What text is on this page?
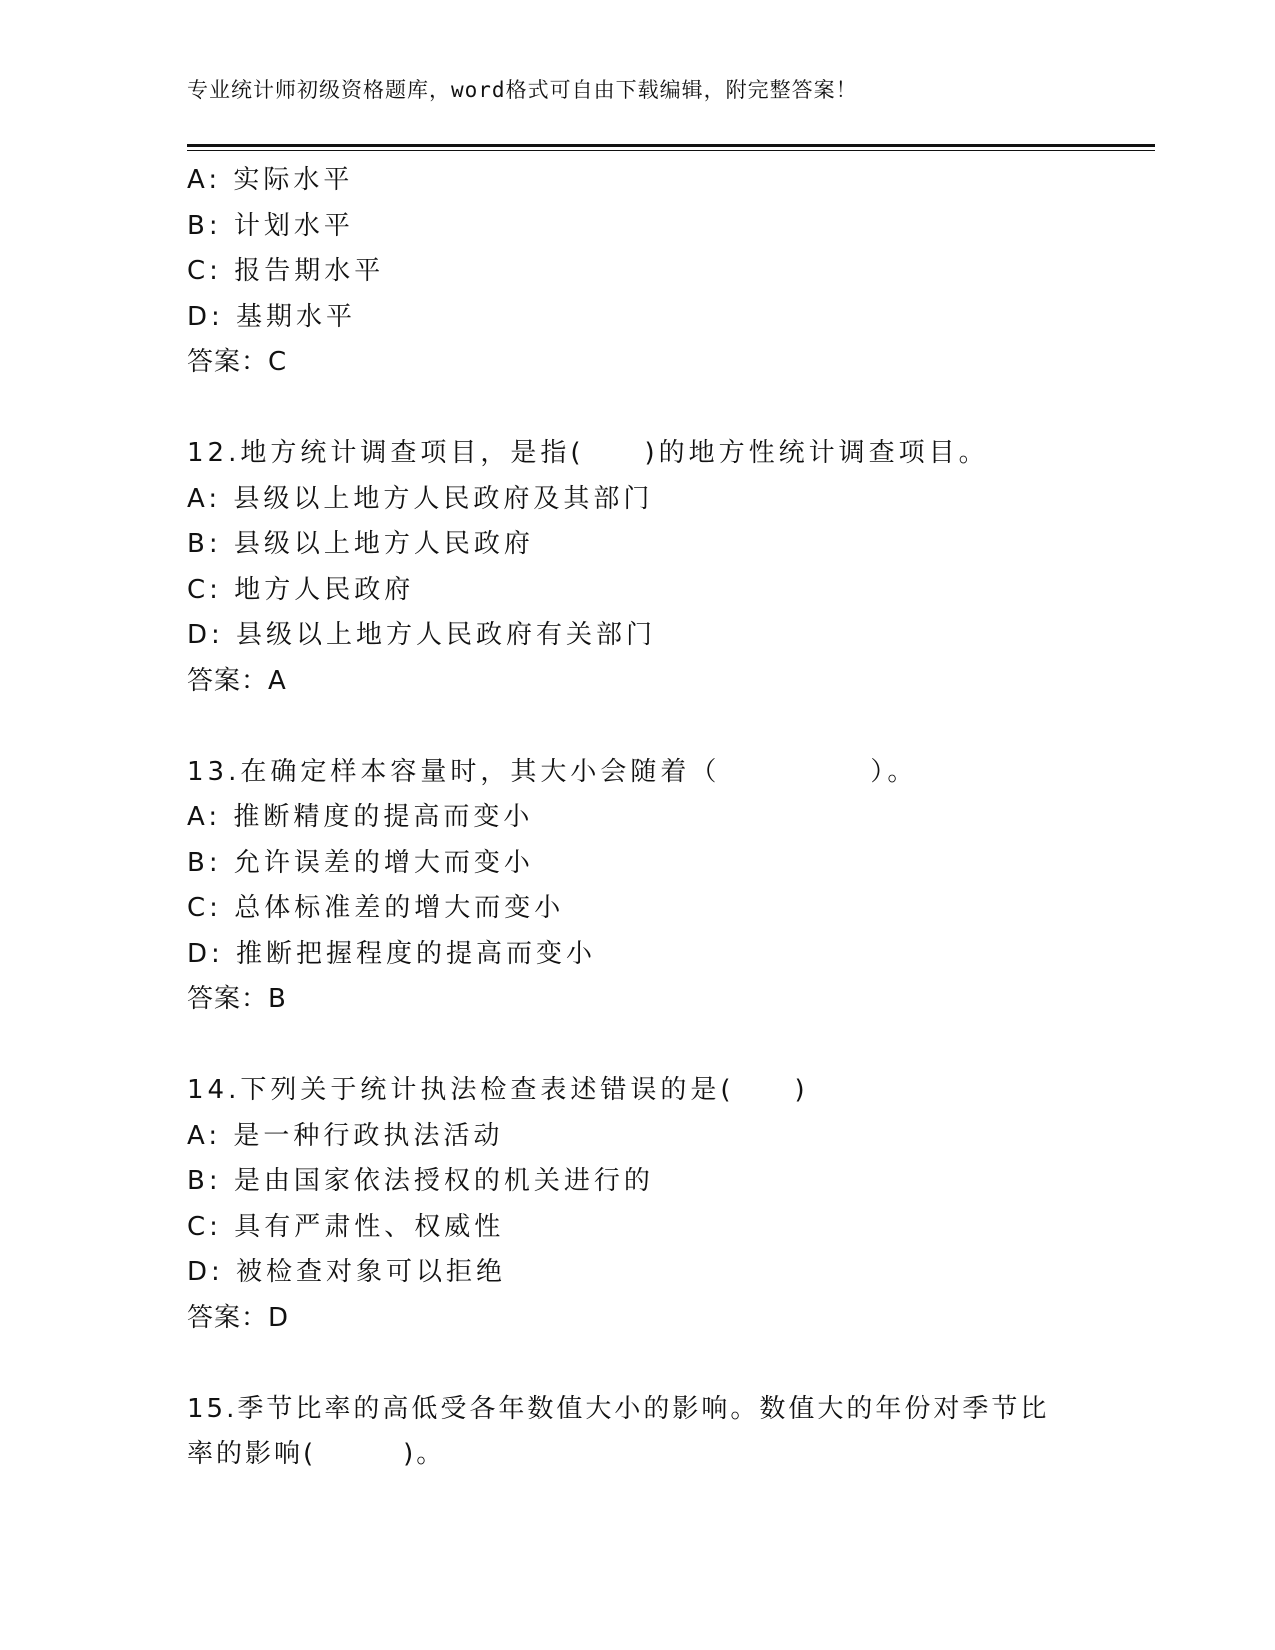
专业统计师初级资格题库，word格式可自由下载编辑，附完整答案！
A: 实际水平
B: 计划水平
C: 报告期水平
D: 基期水平
答案：C
12.地方统计调查项目，是指(　　)的地方性统计调查项目。
A: 县级以上地方人民政府及其部门
B: 县级以上地方人民政府
C: 地方人民政府
D: 县级以上地方人民政府有关部门
答案：A
13.在确定样本容量时，其大小会随着（　　　　　）。
A: 推断精度的提高而变小
B: 允许误差的增大而变小
C: 总体标准差的增大而变小
D: 推断把握程度的提高而变小
答案：B
14.下列关于统计执法检查表述错误的是(　　)
A: 是一种行政执法活动
B: 是由国家依法授权的机关进行的
C: 具有严肃性、权威性
D: 被检查对象可以拒绝
答案：D
15.季节比率的高低受各年数值大小的影响。数值大的年份对季节比率的影响(　　　)。
